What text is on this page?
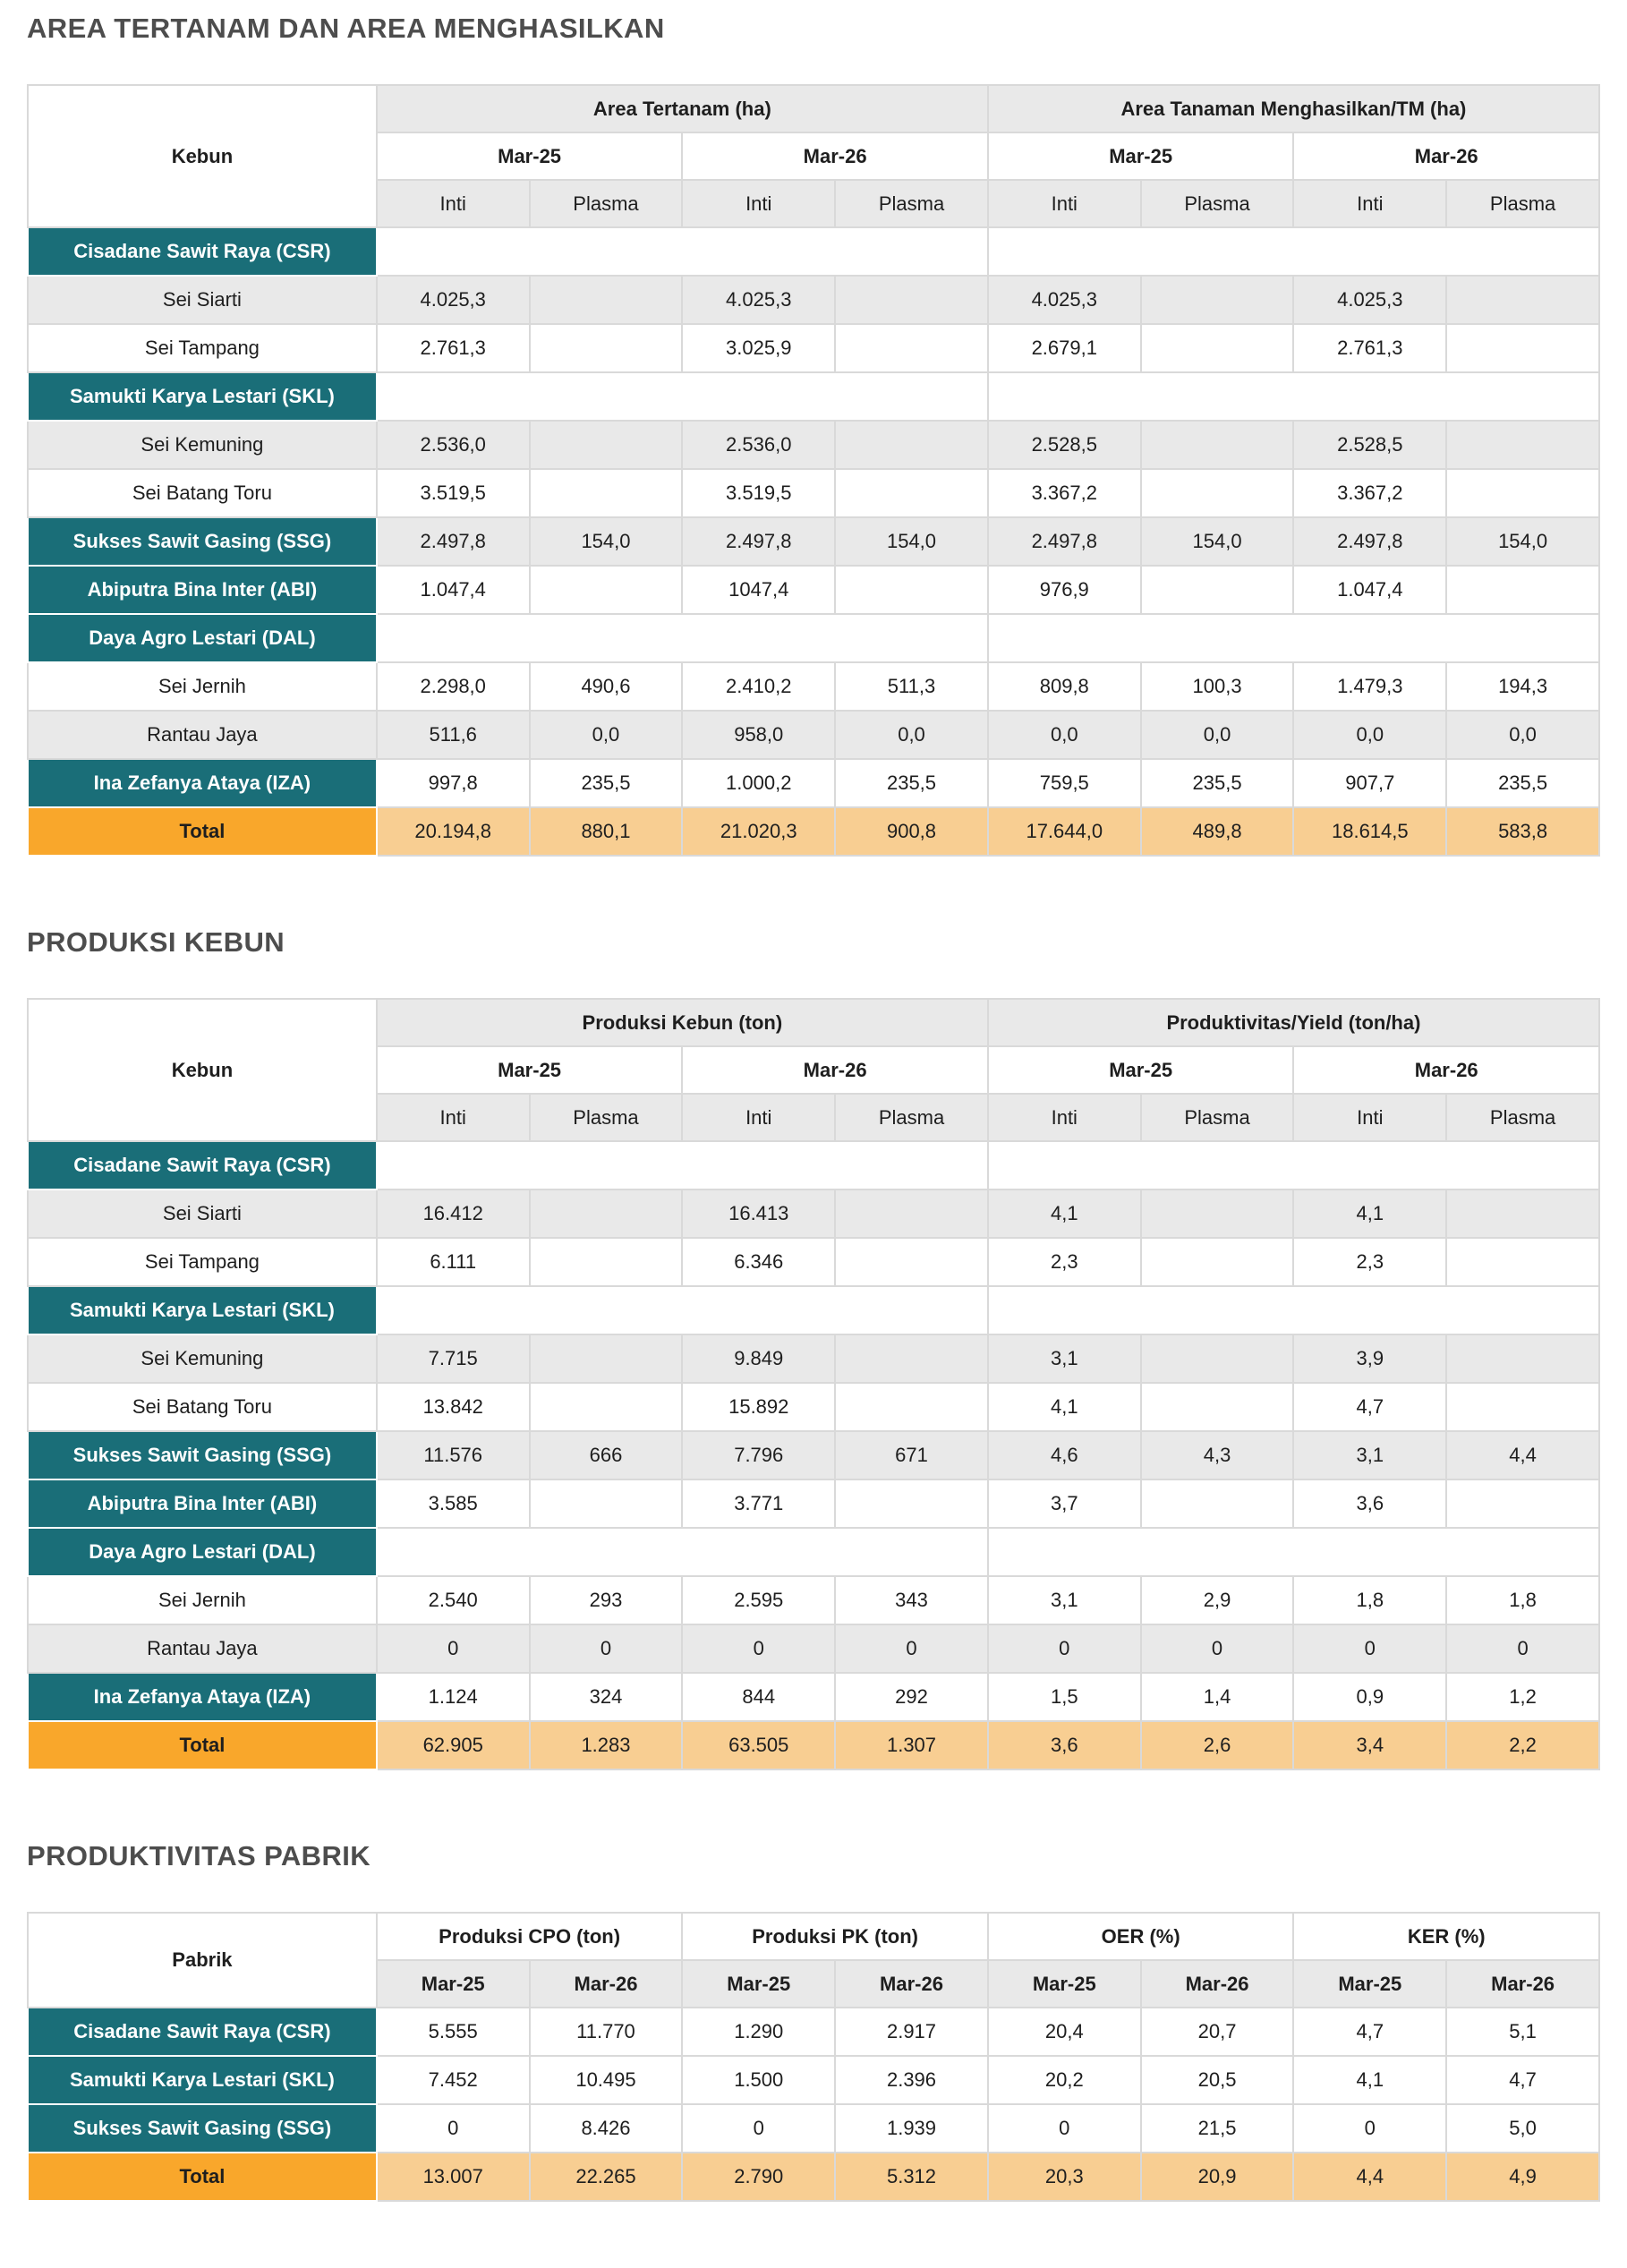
AREA TERTANAM DAN AREA MENGHASILKAN
Kebun	Area Tertanam (ha)				Area Tanaman Menghasilkan/TM (ha)			
	Mar-25		Mar-26		Mar-25		Mar-26	
	Inti	Plasma	Inti	Plasma	Inti	Plasma	Inti	Plasma
Cisadane Sawit Raya (CSR)								
Sei Siarti	4.025,3		4.025,3		4.025,3		4.025,3	
Sei Tampang	2.761,3		3.025,9		2.679,1		2.761,3	
Samukti Karya Lestari (SKL)								
Sei Kemuning	2.536,0		2.536,0		2.528,5		2.528,5	
Sei Batang Toru	3.519,5		3.519,5		3.367,2		3.367,2	
Sukses Sawit Gasing (SSG)	2.497,8	154,0	2.497,8	154,0	2.497,8	154,0	2.497,8	154,0
Abiputra Bina Inter (ABI)	1.047,4		1047,4		976,9		1.047,4	
Daya Agro Lestari (DAL)								
Sei Jernih	2.298,0	490,6	2.410,2	511,3	809,8	100,3	1.479,3	194,3
Rantau Jaya	511,6	0,0	958,0	0,0	0,0	0,0	0,0	0,0
Ina Zefanya Ataya (IZA)	997,8	235,5	1.000,2	235,5	759,5	235,5	907,7	235,5
Total	20.194,8	880,1	21.020,3	900,8	17.644,0	489,8	18.614,5	583,8
PRODUKSI KEBUN
Kebun	Produksi Kebun (ton)				Produktivitas/Yield (ton/ha)			
	Mar-25		Mar-26		Mar-25		Mar-26	
	Inti	Plasma	Inti	Plasma	Inti	Plasma	Inti	Plasma
Cisadane Sawit Raya (CSR)								
Sei Siarti	16.412		16.413		4,1		4,1	
Sei Tampang	6.111		6.346		2,3		2,3	
Samukti Karya Lestari (SKL)								
Sei Kemuning	7.715		9.849		3,1		3,9	
Sei Batang Toru	13.842		15.892		4,1		4,7	
Sukses Sawit Gasing (SSG)	11.576	666	7.796	671	4,6	4,3	3,1	4,4
Abiputra Bina Inter (ABI)	3.585		3.771		3,7		3,6	
Daya Agro Lestari (DAL)								
Sei Jernih	2.540	293	2.595	343	3,1	2,9	1,8	1,8
Rantau Jaya	0	0	0	0	0	0	0	0
Ina Zefanya Ataya (IZA)	1.124	324	844	292	1,5	1,4	0,9	1,2
Total	62.905	1.283	63.505	1.307	3,6	2,6	3,4	2,2
PRODUKTIVITAS PABRIK
Pabrik	Produksi CPO (ton)		Produksi PK (ton)		OER (%)		KER (%)	
	Mar-25	Mar-26	Mar-25	Mar-26	Mar-25	Mar-26	Mar-25	Mar-26
Cisadane Sawit Raya (CSR)	5.555	11.770	1.290	2.917	20,4	20,7	4,7	5,1
Samukti Karya Lestari (SKL)	7.452	10.495	1.500	2.396	20,2	20,5	4,1	4,7
Sukses Sawit Gasing (SSG)	0	8.426	0	1.939	0	21,5	0	5,0
Total	13.007	22.265	2.790	5.312	20,3	20,9	4,4	4,9
